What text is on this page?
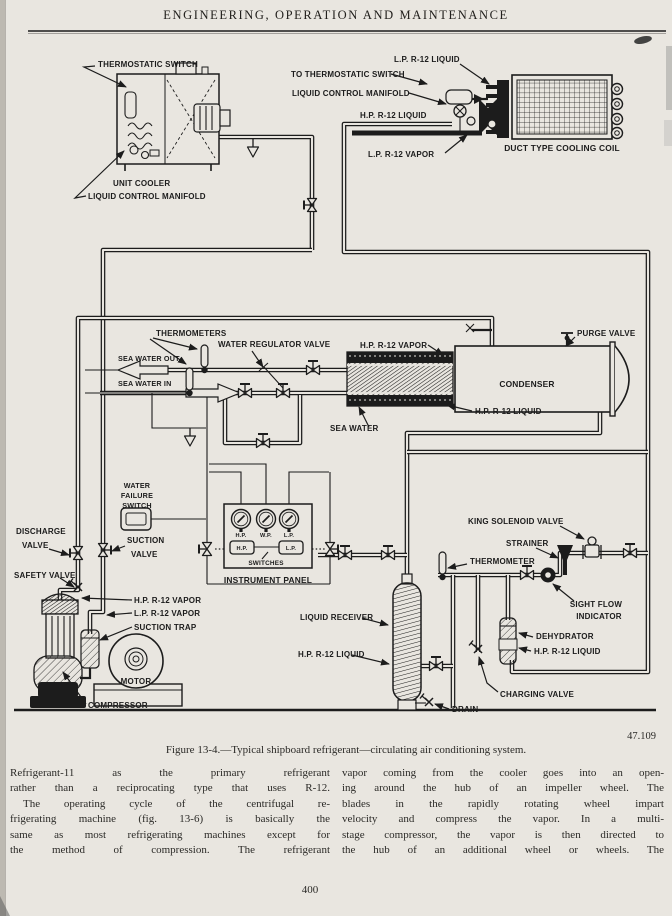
ENGINEERING, OPERATION AND MAINTENANCE
THERMOSTATIC SWITCH
UNIT COOLER
LIQUID CONTROL MANIFOLD
TO THERMOSTATIC SWITCH
L.P. R-12 LIQUID
LIQUID CONTROL MANIFOLD
H.P. R-12 LIQUID
L.P. R-12 VAPOR
DUCT TYPE COOLING COIL
THERMOMETERS
WATER REGULATOR VALVE
SEA WATER OUT
SEA WATER IN
H.P. R-12 VAPOR
PURGE VALVE
CONDENSER
H.P. R-12 LIQUID
SEA WATER
WATER
FAILURE
SWITCH
DISCHARGE
VALVE
SUCTION
VALVE
SAFETY VALVE
H.P. W.P. L.P.
H.P.	L.P.
SWITCHES
INSTRUMENT PANEL
H.P. R-12 VAPOR
L.P. R-12 VAPOR
SUCTION TRAP
MOTOR
COMPRESSOR
KING SOLENOID VALVE
STRAINER
THERMOMETER
SIGHT FLOW
INDICATOR
LIQUID RECEIVER
DEHYDRATOR
H.P. R-12 LIQUID
H.P. R-12 LIQUID
CHARGING VALVE
DRAIN
47.109
Figure 13-4.—Typical shipboard refrigerant—circulating air conditioning system.
Refrigerant-11 as the primary refrigerant
rather than a reciprocating type that uses R-12.
The operating cycle of the centrifugal re-
frigerating machine (fig. 13-6) is basically the
same as most refrigerating machines except for
the method of compression. The refrigerant
vapor coming from the cooler goes into an open-
ing around the hub of an impeller wheel. The
blades in the rapidly rotating wheel impart
velocity and compress the vapor. In a multi-
stage compressor, the vapor is then directed to
the hub of an additional wheel or wheels. The
400
